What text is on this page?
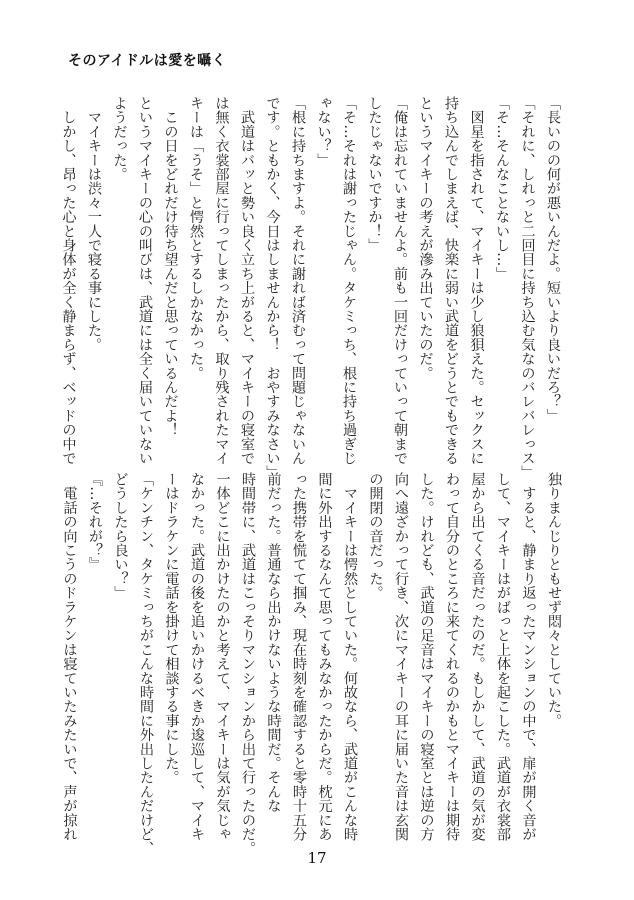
そのアイドルは愛を囁く
「長いのの何が悪いんだよ。短いより良いだろ？」
「それに、しれっと二回目に持ち込む気なのバレバレっス」
「そ…そんなことないし…」
　図星を指されて、マイキーは少し狼狽えた。セックスに
持ち込んでしまえば、快楽に弱い武道をどうとでもできる
というマイキーの考えが滲み出ていたのだ。
「俺は忘れていませんよ。前も一回だけっていって朝まで
したじゃないですか！」
「そ…それは謝ったじゃん。タケミっち、根に持ち過ぎじ
ゃない？」
「根に持ちますよ。それに謝れば済むって問題じゃないん
です。ともかく、今日はしませんから！　おやすみなさい」
　武道はバッと勢い良く立ち上がると、マイキーの寝室で
は無く衣裳部屋に行ってしまったから、取り残されたマイ
キーは「うそ」と愕然とするしかなかった。
　この日をどれだけ待ち望んだと思っているんだよ！
というマイキーの心の叫びは、武道には全く届いていない
ようだった。
　マイキーは渋々一人で寝る事にした。
　しかし、昂った心と身体が全く静まらず、ベッドの中で
独りまんじりともせず悶々としていた。
　すると、静まり返ったマンションの中で、扉が開く音が
して、マイキーはがばっと上体を起こした。武道が衣裳部
屋から出てくる音だったのだ。もしかして、武道の気が変
わって自分のところに来てくれるのかもとマイキーは期待
した。けれども、武道の足音はマイキーの寝室とは逆の方
向へ遠ざかって行き、次にマイキーの耳に届いた音は玄関
の開閉の音だった。
　マイキーは愕然としていた。何故なら、武道がこんな時
間に外出するなんて思ってもみなかったからだ。枕元にあ
った携帯を慌てて掴み、現在時刻を確認すると零時十五分
前だった。普通なら出かけないような時間だ。そんな
時間帯に、武道はこっそりマンションから出て行ったのだ。
一体どこに出かけたのかと考えて、マイキーは気が気じゃ
なかった。武道の後を追いかけるべきか逡巡して、マイキ
ーはドラケンに電話を掛けて相談する事にした。
「ケンチン、タケミっちがこんな時間に外出したんだけど、
どうしたら良い？」
『…それが？』
　電話の向こうのドラケンは寝ていたみたいで、声が掠れ
17
